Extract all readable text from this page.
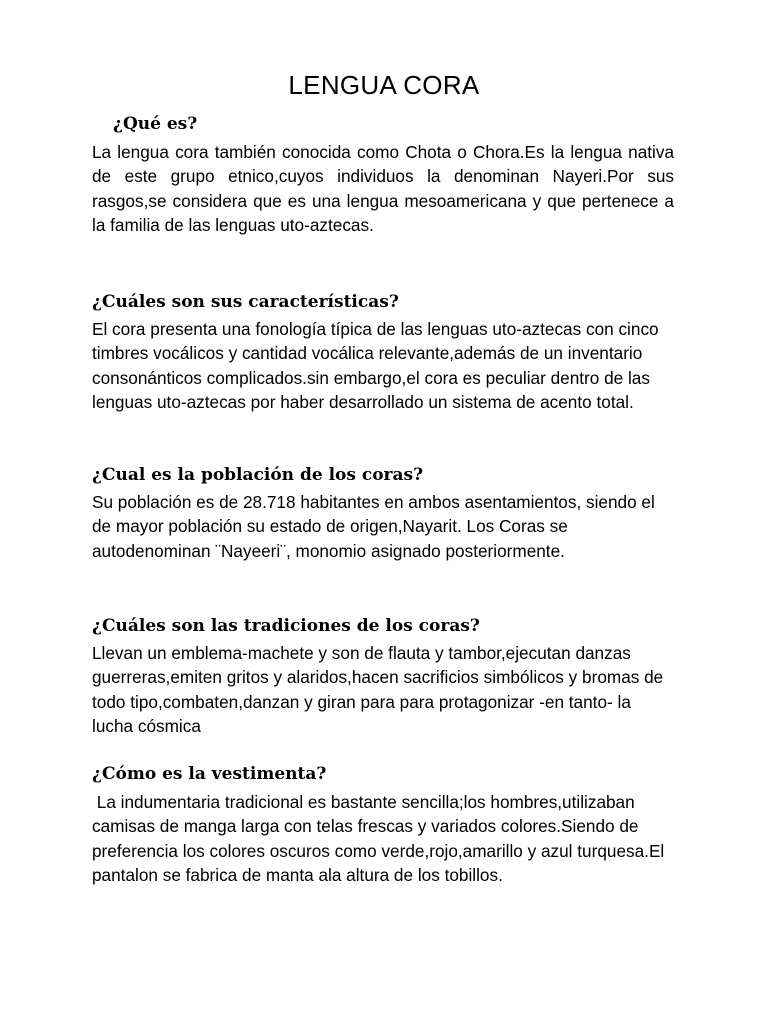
LENGUA CORA
¿Qué es?

La lengua cora también conocida como Chota o Chora.Es la lengua nativa de este grupo etnico,cuyos individuos la denominan Nayeri.Por sus rasgos,se considera que es una lengua mesoamericana y que pertenece a la familia de las lenguas uto-aztecas.

¿Cuáles son sus características?

El cora presenta una fonología típica de las lenguas uto-aztecas con cinco timbres vocálicos y cantidad vocálica relevante,además de un inventario consonánticos complicados.sin embargo,el cora es peculiar dentro de las lenguas uto-aztecas por haber desarrollado un sistema de acento total.

¿Cual es la población de los coras?

Su población es de 28.718 habitantes en ambos asentamientos, siendo el de mayor población su estado de origen,Nayarit. Los Coras se autodenominan ¨Nayeeri¨, monomio asignado posteriormente.

¿Cuáles son las tradiciones de los coras?

Llevan un emblema-machete y son de flauta y tambor,ejecutan danzas guerreras,emiten gritos y alaridos,hacen sacrificios simbólicos y bromas de todo tipo,combaten,danzan y giran para para protagonizar -en tanto- la lucha cósmica

¿Cómo es la vestimenta?

La indumentaria tradicional es bastante sencilla;los hombres,utilizaban camisas de manga larga con telas frescas y variados colores.Siendo de preferencia los colores oscuros como verde,rojo,amarillo y azul turquesa.El pantalon se fabrica de manta ala altura de los tobillos.
